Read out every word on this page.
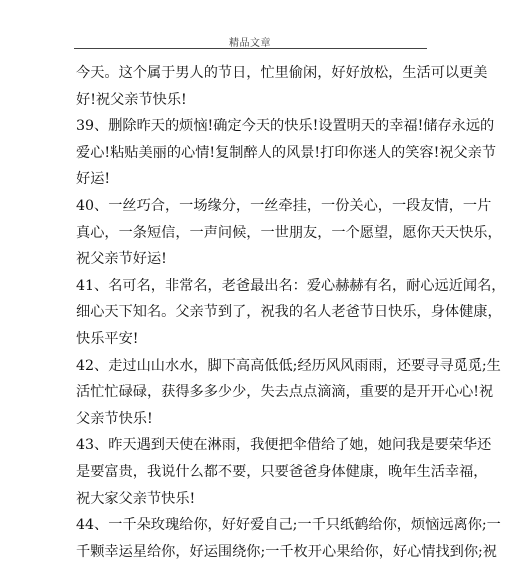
精品文章
今天。这个属于男人的节日，忙里偷闲，好好放松，生活可以更美
好!祝父亲节快乐!
39、删除昨天的烦恼!确定今天的快乐!设置明天的幸福!储存永远的
爱心!粘贴美丽的心情!复制醉人的风景!打印你迷人的笑容!祝父亲节
好运!
40、一丝巧合，一场缘分，一丝牵挂，一份关心，一段友情，一片
真心，一条短信，一声问候，一世朋友，一个愿望，愿你天天快乐，
祝父亲节好运!
41、名可名，非常名，老爸最出名：爱心赫赫有名，耐心远近闻名，
细心天下知名。父亲节到了，祝我的名人老爸节日快乐，身体健康，
快乐平安!
42、走过山山水水，脚下高高低低;经历风风雨雨，还要寻寻觅觅;生
活忙忙碌碌，获得多多少少，失去点点滴滴，重要的是开开心心!祝
父亲节快乐!
43、昨天遇到天使在淋雨，我便把伞借给了她，她问我是要荣华还
是要富贵，我说什么都不要，只要爸爸身体健康，晚年生活幸福，
祝大家父亲节快乐!
44、一千朵玫瑰给你，好好爱自己;一千只纸鹤给你，烦恼远离你;一
千颗幸运星给你，好运围绕你;一千枚开心果给你，好心情找到你;祝
